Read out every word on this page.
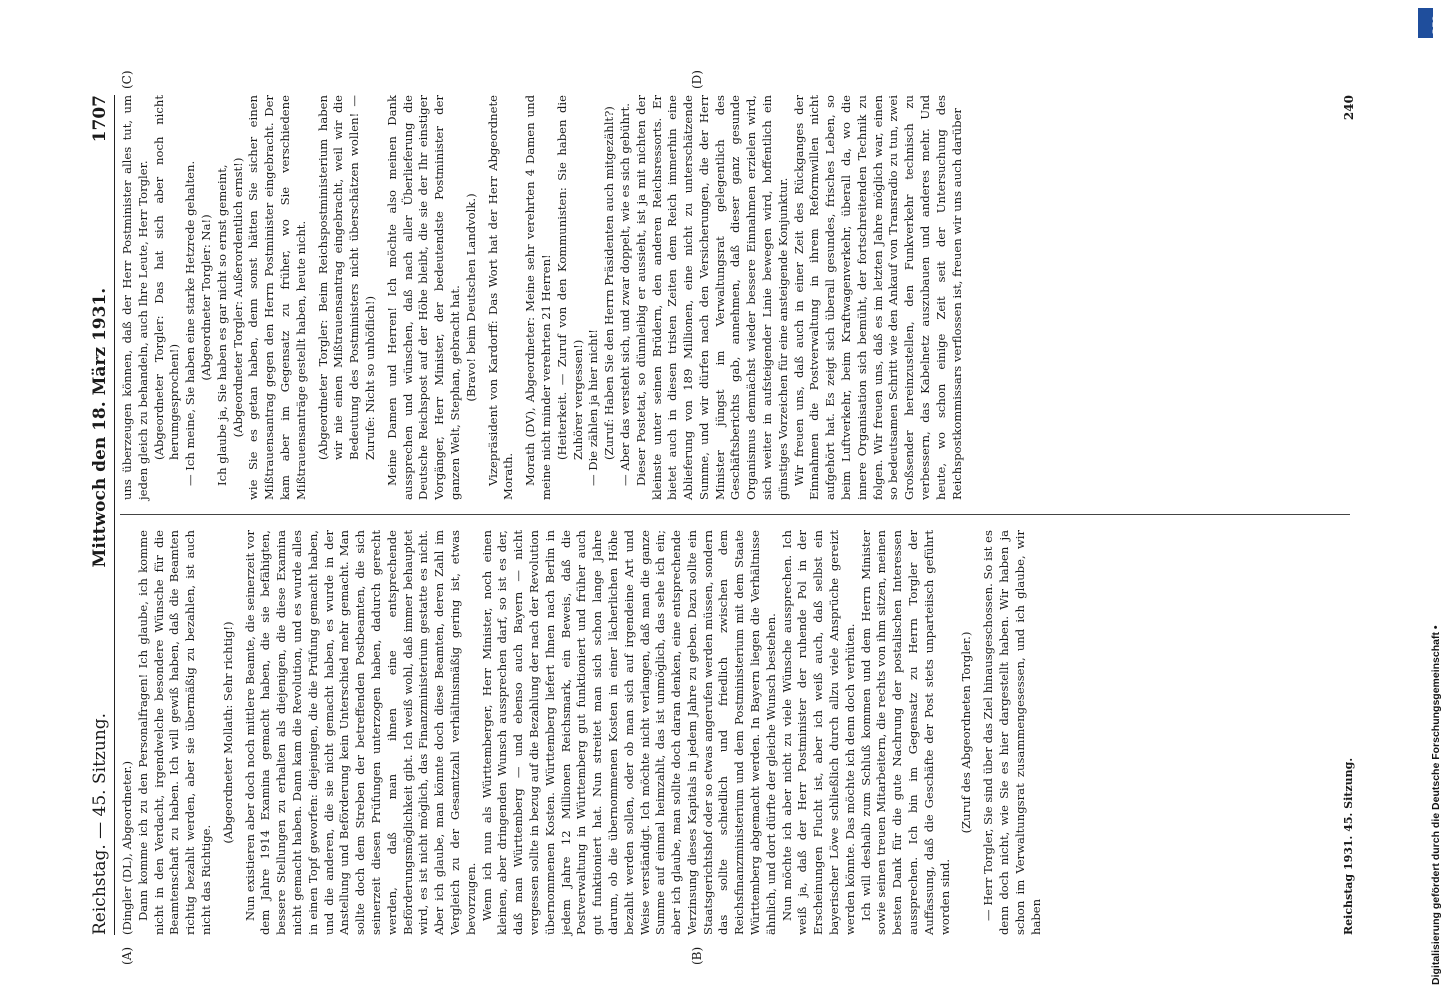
Reichstag. — 45. Sitzung.
Mittwoch den 18. März 1931.
1707

(Dingler (DL), Abgeordneter.) Dann komme ich zu den Personalfragen! Ich glaube, ich komme nicht in den Verdacht, irgendwelche besondere Wünsche für die Beamtenschaft zu haben. Ich will gewiß haben, daß die Beamten richtig bezahlt werden, aber sie übermäßig zu bezahlen, ist auch nicht das Richtige.

(Abgeordneter Mollath: Sehr richtig!) Nun existieren aber doch noch mittlere Beamte, die seinerzeit vor dem Jahre 1914 Examina gemacht haben, die sie befähigten, bessere Stellungen zu erhalten als diejenigen, die diese Examina nicht gemacht haben. Dann kam die Revolution, und es wurde alles in einen Topf geworfen: diejenigen, die die Prüfung gemacht haben, und die anderen, die sie nicht gemacht haben, es wurde in der Anstellung und Beförderung kein Unterschied mehr gemacht. Man sollte doch dem Streben der betreffenden Postbeamten, die sich seinerzeit diesen Prüfungen unterzogen haben, dadurch gerecht werden, daß man ihnen eine entsprechende Beförderungsmöglichkeit gibt. Ich weiß wohl, daß immer behauptet wird, es ist nicht möglich, das Finanzministerium gestatte es nicht. Aber ich glaube, man könnte doch diese Beamten, deren Zahl im Vergleich zu der Gesamtzahl verhältnismäßig gering ist, etwas bevorzugen. Wenn ich nun als Württemberger, Herr Minister, noch einen kleinen, aber dringenden Wunsch aussprechen darf, so ist es der, daß man Württemberg — und ebenso auch Bayern — nicht vergessen sollte in bezug auf die Bezahlung der nach der Revolution übernommenen Kosten. Württemberg liefert Ihnen nach Berlin in jedem Jahre 12 Millionen Reichsmark, ein Beweis, daß die Postverwaltung in Württemberg gut funktioniert und früher auch gut funktioniert hat. Nun streitet man sich schon lange Jahre darum, ob die übernommenen Kosten in einer lächerlichen Höhe bezahlt werden sollen, oder ob man sich auf irgendeine Art und Weise verständigt. Ich möchte nicht verlangen, daß man die ganze Summe auf einmal heimzahlt, das ist unmöglich, das sehe ich ein; aber ich glaube, man sollte doch daran denken, eine entsprechende Verzinsung dieses Kapitals in jedem Jahre zu geben. Dazu sollte ein Staatsgerichtshof oder so etwas angerufen werden müssen, sondern das sollte schiedlich und friedlich zwischen dem Reichsfinanzministerium und dem Postministerium mit dem Staate Württemberg abgemacht werden. In Bayern liegen die Verhältnisse ähnlich, und dort dürfte der gleiche Wunsch bestehen. Nun möchte ich aber nicht zu viele Wünsche aussprechen. Ich weiß ja, daß der Herr Postminister der ruhende Pol in der Erscheinungen Flucht ist, aber ich weiß auch, daß selbst ein bayerischer Löwe schließlich durch allzu viele Ansprüche gereizt werden könnte. Das möchte ich denn doch verhüten. Ich will deshalb zum Schluß kommen und dem Herrn Minister sowie seinen treuen Mitarbeitern, die rechts von ihm sitzen, meinen besten Dank für die gute Nachrung der postalischen Interessen aussprechen. Ich bin im Gegensatz zu Herrn Torgler der Auffassung, daß die Geschäfte der Post stets unparteiisch geführt worden sind.

(Zuruf des Abgeordneten Torgler.) — Herr Torgler, Sie sind über das Ziel hinausgeschossen. So ist es denn doch nicht, wie Sie es hier dargestellt haben. Wir haben ja schon im Verwaltungsrat zusammengesessen, und ich glaube, wir haben

uns überzeugen können, daß der Herr Postminister alles tut, um jeden gleich zu behandeln, auch Ihre Leute, Herr Torgler. (Abgeordneter Torgler: Das hat sich aber noch nicht herumgesprochen!) — Ich meine, Sie haben eine starke Hetzrede gehalten. (Abgeordneter Torgler: Na!) Ich glaube ja, Sie haben es gar nicht so ernst gemeint, (Abgeordneter Torgler: Außerordentlich ernst!) wie Sie es getan haben, denn sonst hätten Sie sicher einen Mißtrauensantrag gegen den Herrn Postminister eingebracht. Der kam aber im Gegensatz zu früher, wo Sie verschiedene Mißtrauensanträge gestellt haben, heute nicht. (Abgeordneter Torgler: Beim Reichspostministerium haben wir nie einen Mißtrauensantrag eingebracht, weil wir die Bedeutung des Postministers nicht überschätzen wollen! — Zurufe: Nicht so unhöflich!) Meine Damen und Herren! Ich möchte also meinen Dank aussprechen und wünschen, daß nach aller Überlieferung die Deutsche Reichspost auf der Höhe bleibt, die sie der Ihr einstiger Vorgänger, Herr Minister, der bedeutendste Postminister der ganzen Welt, Stephan, gebracht hat. (Bravo! beim Deutschen Landvolk.) Vizepräsident von Kardorff: Das Wort hat der Herr Abgeordnete Morath. Morath (DV), Abgeordneter: Meine sehr verehrten 4 Damen und meine nicht minder verehrten 21 Herren! (Heiterkeit. — Zuruf von den Kommunisten: Sie haben die Zuhörer vergessen!) — Die zählen ja hier nicht! (Zuruf: Haben Sie den Herrn Präsidenten auch mitgezählt?) — Aber das versteht sich, und zwar doppelt, wie es sich gebührt. Dieser Postetat, so dünnleibig er aussieht, ist ja mit nichten der kleinste unter seinen Brüdern, den anderen Reichsressorts. Er bietet auch in diesen tristen Zeiten dem Reich immerhin eine Ablieferung von 189 Millionen, eine nicht zu unterschätzende Summe, und wir dürfen nach den Versicherungen, die der Herr Minister jüngst im Verwaltungsrat gelegentlich des Geschäftsberichts gab, annehmen, daß dieser ganz gesunde Organismus demnächst wieder bessere Einnahmen erzielen wird, sich weiter in aufsteigender Linie bewegen wird, hoffentlich ein günstiges Vorzeichen für eine ansteigende Konjunktur. Wir freuen uns, daß auch in einer Zeit des Rückganges der Einnahmen die Postverwaltung in ihrem Reformwillen nicht aufgehört hat. Es zeigt sich überall gesundes, frisches Leben, so beim Luftverkehr, beim Kraftwagenverkehr, überall da, wo die innere Organisation sich bemüht, der fortschreitenden Technik zu folgen. Wir freuen uns, daß es im letzten Jahre möglich war, einen so bedeutsamen Schritt wie den Ankauf von Transradio zu tun, zwei Großsender hereinzustellen, den Funkverkehr technisch zu verbessern, das Kabelnetz auszubauen und anderes mehr. Und heute, wo schon einige Zeit seit der Untersuchung des Reichspostkommissars verflossen ist, freuen wir uns auch darüber

Reichstag 1931. 45. Sitzung.
240
(A)	(B)
(C)	(D)
Digitalisierung gefördert durch die Deutsche Forschungsgemeinschaft •
DFG
